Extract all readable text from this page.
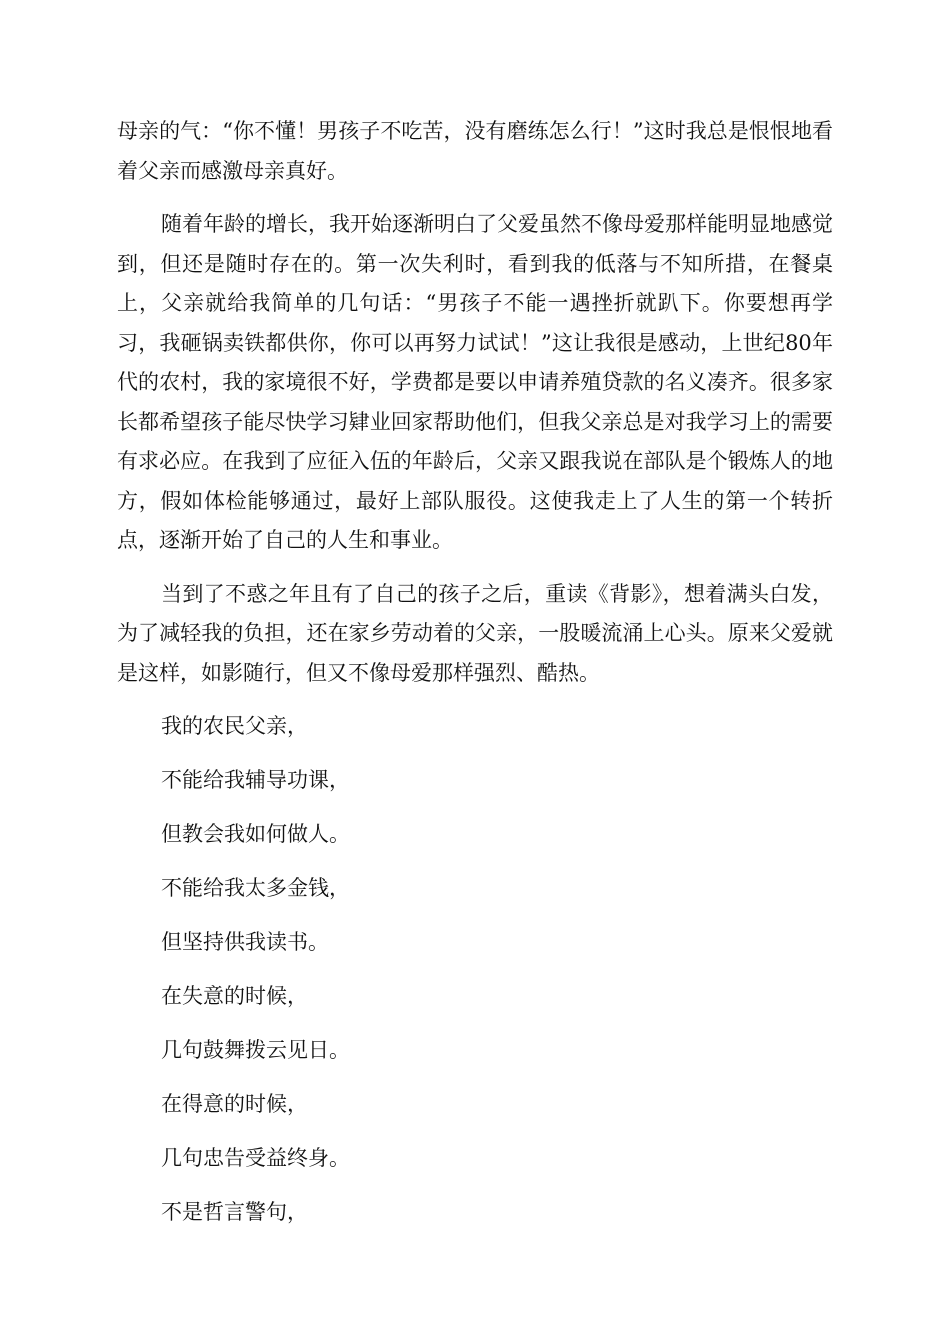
母亲的气：“你不懂！男孩子不吃苦，没有磨练怎么行！”这时我总是恨恨地看着父亲而感激母亲真好。

随着年龄的增长，我开始逐渐明白了父爱虽然不像母爱那样能明显地感觉到，但还是随时存在的。第一次失利时，看到我的低落与不知所措，在餐桌上，父亲就给我简单的几句话：“男孩子不能一遇挫折就趴下。你要想再学习，我砸锅卖铁都供你，你可以再努力试试！”这让我很是感动，上世纪80年代的农村，我的家境很不好，学费都是要以申请养殖贷款的名义凑齐。很多家长都希望孩子能尽快学习肄业回家帮助他们，但我父亲总是对我学习上的需要有求必应。在我到了应征入伍的年龄后，父亲又跟我说在部队是个锻炼人的地方，假如体检能够通过，最好上部队服役。这使我走上了人生的第一个转折点，逐渐开始了自己的人生和事业。

当到了不惑之年且有了自己的孩子之后，重读《背影》，想着满头白发，为了减轻我的负担，还在家乡劳动着的父亲，一股暖流涌上心头。原来父爱就是这样，如影随行，但又不像母爱那样强烈、酷热。

我的农民父亲，

不能给我辅导功课，

但教会我如何做人。

不能给我太多金钱，

但坚持供我读书。

在失意的时候，

几句鼓舞拨云见日。

在得意的时候，

几句忠告受益终身。

不是哲言警句，
